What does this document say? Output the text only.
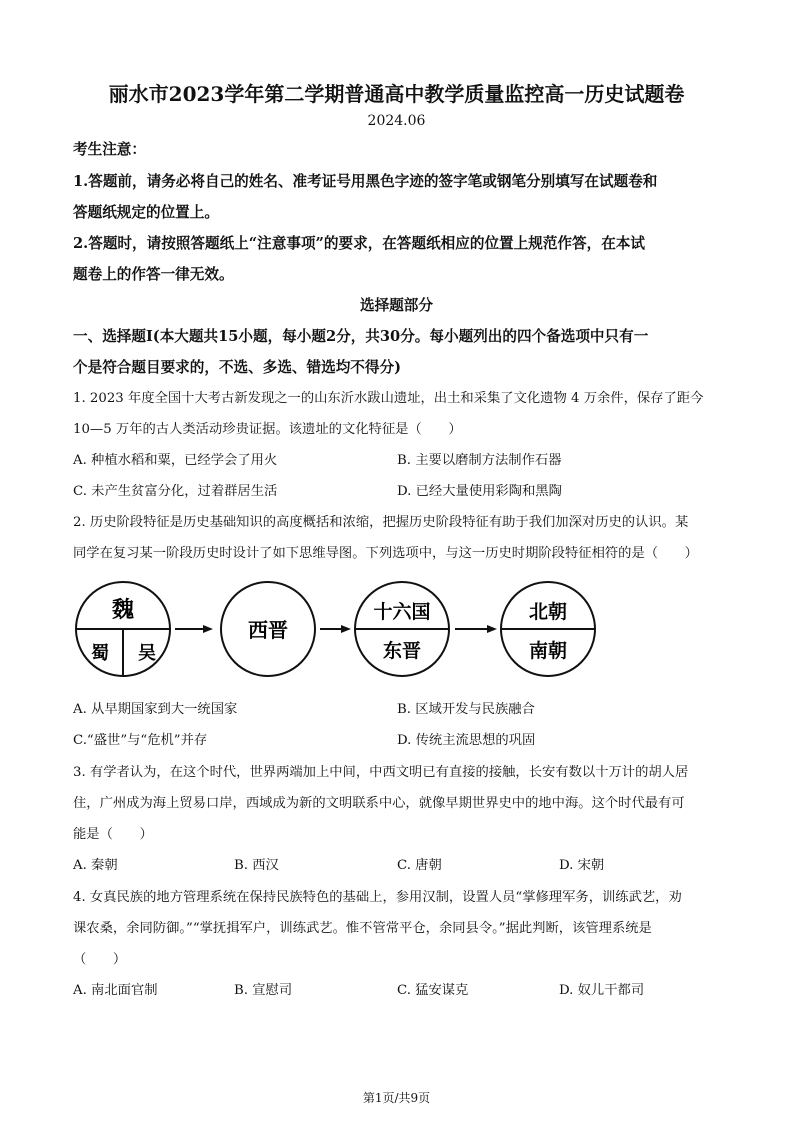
丽水市2023学年第二学期普通高中教学质量监控高一历史试题卷
2024.06
考生注意：
1.答题前，请务必将自己的姓名、准考证号用黑色字迹的签字笔或钢笔分别填写在试题卷和
答题纸规定的位置上。
2.答题时，请按照答题纸上“注意事项”的要求，在答题纸相应的位置上规范作答，在本试
题卷上的作答一律无效。
选择题部分
一、选择题Ⅰ(本大题共15小题，每小题2分，共30分。每小题列出的四个备选项中只有一
个是符合题目要求的，不选、多选、错选均不得分)
1. 2023 年度全国十大考古新发现之一的山东沂水跋山遗址，出土和采集了文化遗物 4 万余件，保存了距今
10—5 万年的古人类活动珍贵证据。该遗址的文化特征是（　　）
A. 种植水稻和粟，已经学会了用火	B. 主要以磨制方法制作石器
C. 未产生贫富分化，过着群居生活	D. 已经大量使用彩陶和黑陶
2. 历史阶段特征是历史基础知识的高度概括和浓缩，把握历史阶段特征有助于我们加深对历史的认识。某
同学在复习某一阶段历史时设计了如下思维导图。下列选项中，与这一历史时期阶段特征相符的是（　　）
魏
蜀 吴
西晋
十六国
东晋
北朝
南朝
A. 从早期国家到大一统国家	B. 区域开发与民族融合
C.“盛世”与“危机”并存	D. 传统主流思想的巩固
3. 有学者认为，在这个时代，世界两端加上中间，中西文明已有直接的接触，长安有数以十万计的胡人居
住，广州成为海上贸易口岸，西域成为新的文明联系中心，就像早期世界史中的地中海。这个时代最有可
能是（　　）
A. 秦朝	B. 西汉	C. 唐朝	D. 宋朝
4. 女真民族的地方管理系统在保持民族特色的基础上，参用汉制，设置人员“掌修理军务，训练武艺，劝
课农桑，余同防御。”“掌抚揖军户，训练武艺。惟不管常平仓，余同县令。”据此判断，该管理系统是
（　　）
A. 南北面官制	B. 宣慰司	C. 猛安谋克	D. 奴儿干都司
第1页/共9页
